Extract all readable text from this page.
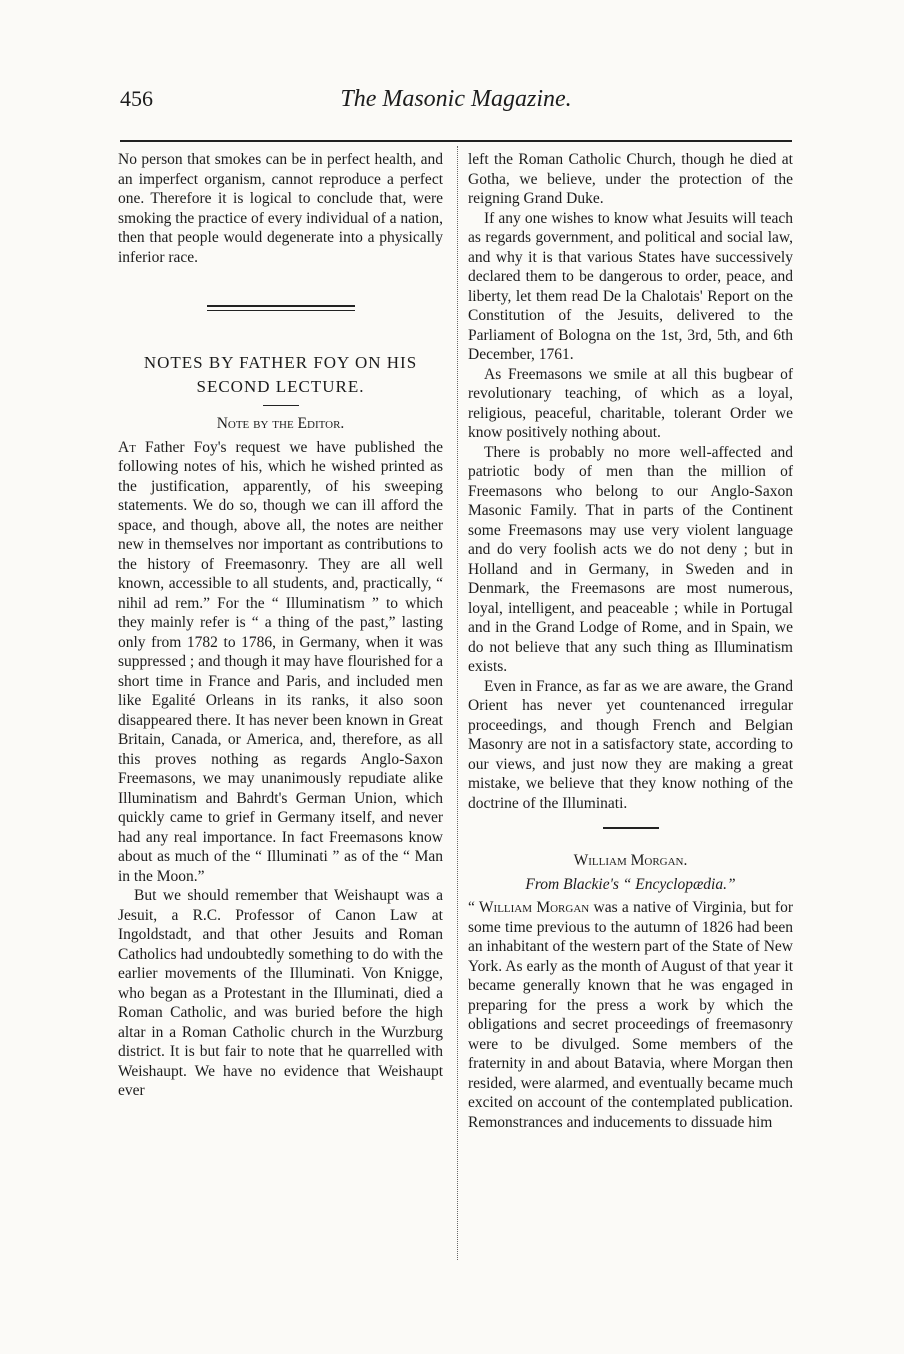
456	The Masonic Magazine.

No person that smokes can be in perfect health, and an imperfect organism, cannot reproduce a perfect one. Therefore it is logical to conclude that, were smoking the practice of every individual of a nation, then that people would degenerate into a physically inferior race.

NOTES BY FATHER FOY ON HIS
SECOND LECTURE.
Note by the Editor.

At Father Foy's request we have published the following notes of his, which he wished printed as the justification, apparently, of his sweeping statements. We do so, though we can ill afford the space, and though, above all, the notes are neither new in themselves nor important as contributions to the history of Freemasonry. They are all well known, accessible to all students, and, practically, “ nihil ad rem.” For the “ Illuminatism ” to which they mainly refer is “ a thing of the past,” lasting only from 1782 to 1786, in Germany, when it was suppressed ; and though it may have flourished for a short time in France and Paris, and included men like Egalité Orleans in its ranks, it also soon disappeared there. It has never been known in Great Britain, Canada, or America, and, therefore, as all this proves nothing as regards Anglo-Saxon Freemasons, we may unanimously repudiate alike Illuminatism and Bahrdt's German Union, which quickly came to grief in Germany itself, and never had any real importance. In fact Freemasons know about as much of the “ Illuminati ” as of the “ Man in the Moon.”

But we should remember that Weishaupt was a Jesuit, a R.C. Professor of Canon Law at Ingoldstadt, and that other Jesuits and Roman Catholics had undoubtedly something to do with the earlier movements of the Illuminati. Von Knigge, who began as a Protestant in the Illuminati, died a Roman Catholic, and was buried before the high altar in a Roman Catholic church in the Wurzburg district. It is but fair to note that he quarrelled with Weishaupt. We have no evidence that Weishaupt ever

left the Roman Catholic Church, though he died at Gotha, we believe, under the protection of the reigning Grand Duke.

If any one wishes to know what Jesuits will teach as regards government, and political and social law, and why it is that various States have successively declared them to be dangerous to order, peace, and liberty, let them read De la Chalotais' Report on the Constitution of the Jesuits, delivered to the Parliament of Bologna on the 1st, 3rd, 5th, and 6th December, 1761.

As Freemasons we smile at all this bugbear of revolutionary teaching, of which as a loyal, religious, peaceful, charitable, tolerant Order we know positively nothing about.

There is probably no more well-affected and patriotic body of men than the million of Freemasons who belong to our Anglo-Saxon Masonic Family. That in parts of the Continent some Freemasons may use very violent language and do very foolish acts we do not deny ; but in Holland and in Germany, in Sweden and in Denmark, the Freemasons are most numerous, loyal, intelligent, and peaceable ; while in Portugal and in the Grand Lodge of Rome, and in Spain, we do not believe that any such thing as Illuminatism exists.

Even in France, as far as we are aware, the Grand Orient has never yet countenanced irregular proceedings, and though French and Belgian Masonry are not in a satisfactory state, according to our views, and just now they are making a great mistake, we believe that they know nothing of the doctrine of the Illuminati.

William Morgan.
From Blackie's “ Encyclopædia.”

“ William Morgan was a native of Virginia, but for some time previous to the autumn of 1826 had been an inhabitant of the western part of the State of New York. As early as the month of August of that year it became generally known that he was engaged in preparing for the press a work by which the obligations and secret proceedings of freemasonry were to be divulged. Some members of the fraternity in and about Batavia, where Morgan then resided, were alarmed, and eventually became much excited on account of the contemplated publication. Remonstrances and inducements to dissuade him
